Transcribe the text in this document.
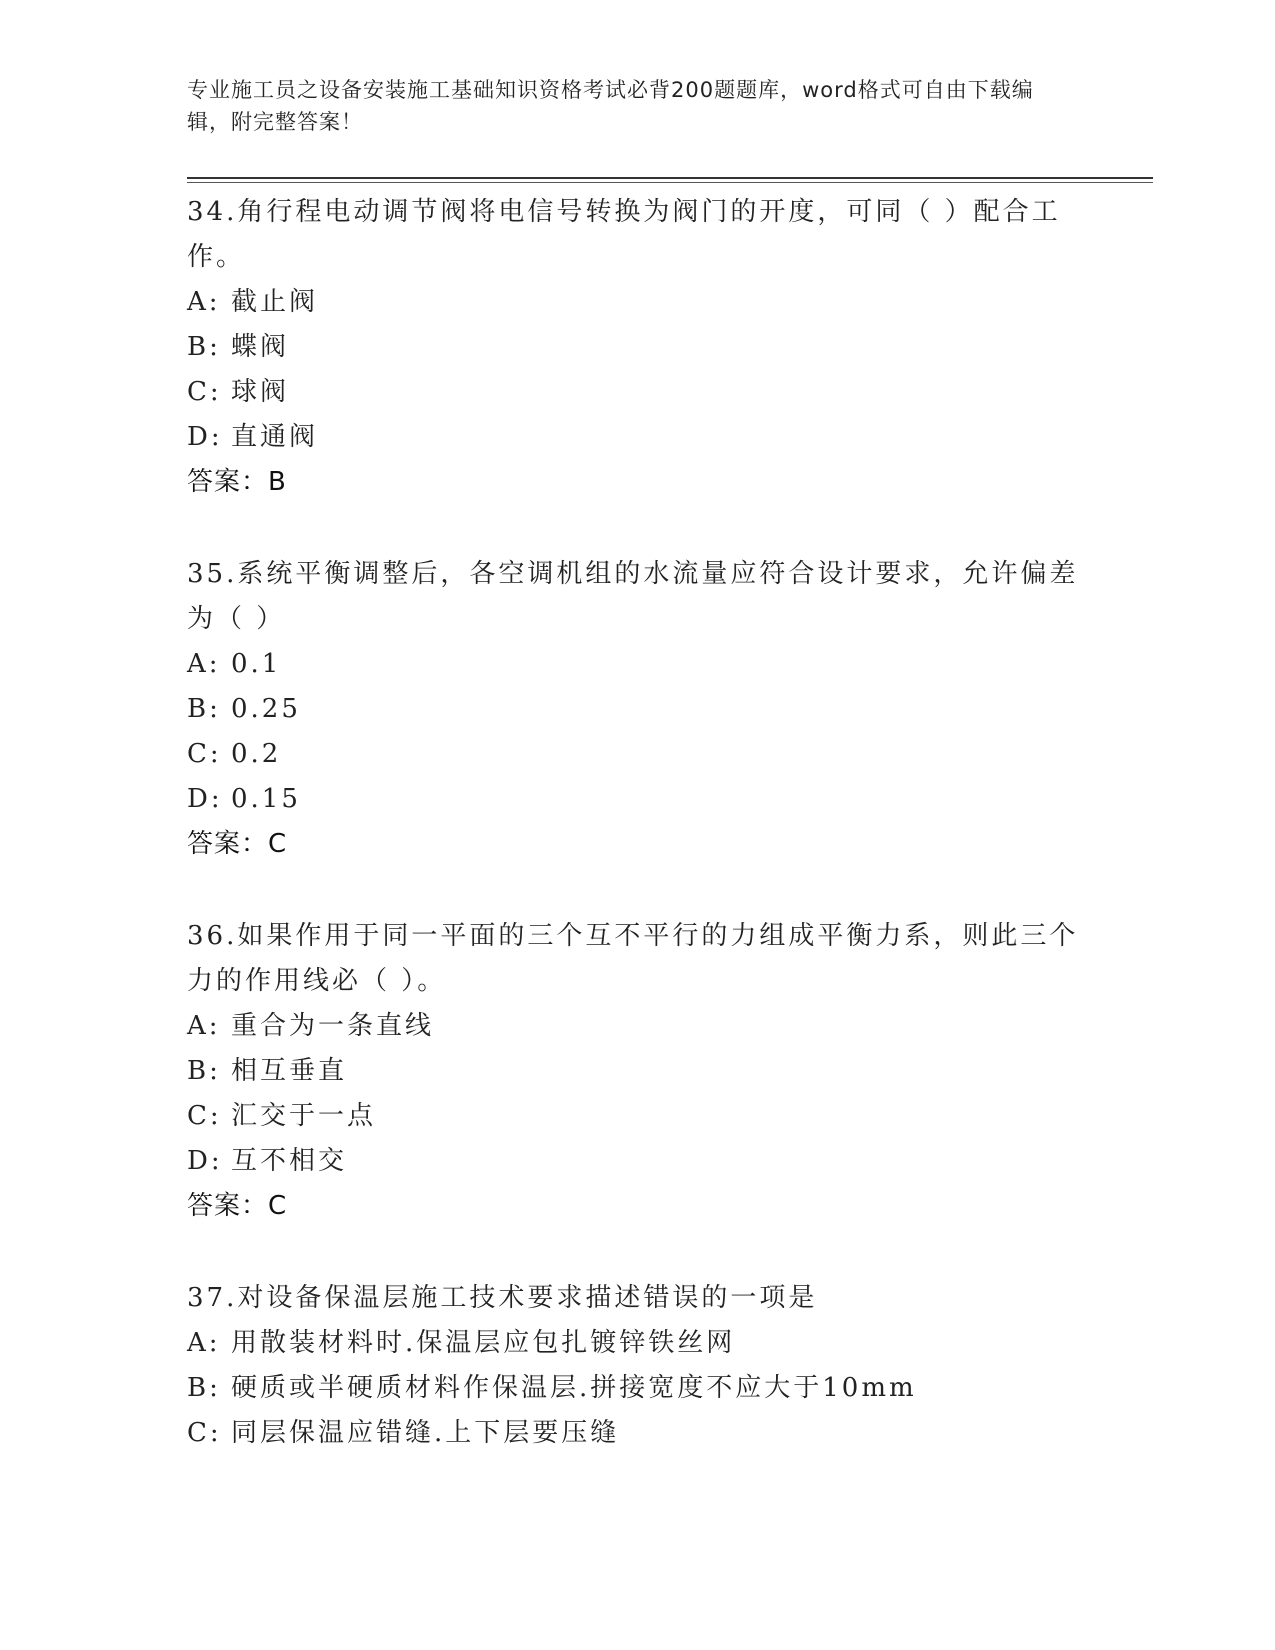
专业施工员之设备安装施工基础知识资格考试必背200题题库，word格式可自由下载编辑，附完整答案！

34.角行程电动调节阀将电信号转换为阀门的开度，可同（ ）配合工作。

A: 截止阀

B: 蝶阀

C: 球阀

D: 直通阀

答案：B

35.系统平衡调整后，各空调机组的水流量应符合设计要求，允许偏差为（ ）

A: 0.1

B: 0.25

C: 0.2

D: 0.15

答案：C

36.如果作用于同一平面的三个互不平行的力组成平衡力系，则此三个力的作用线必（ ）。

A: 重合为一条直线

B: 相互垂直

C: 汇交于一点

D: 互不相交

答案：C

37.对设备保温层施工技术要求描述错误的一项是

A: 用散装材料时.保温层应包扎镀锌铁丝网

B: 硬质或半硬质材料作保温层.拼接宽度不应大于10mm

C: 同层保温应错缝.上下层要压缝
